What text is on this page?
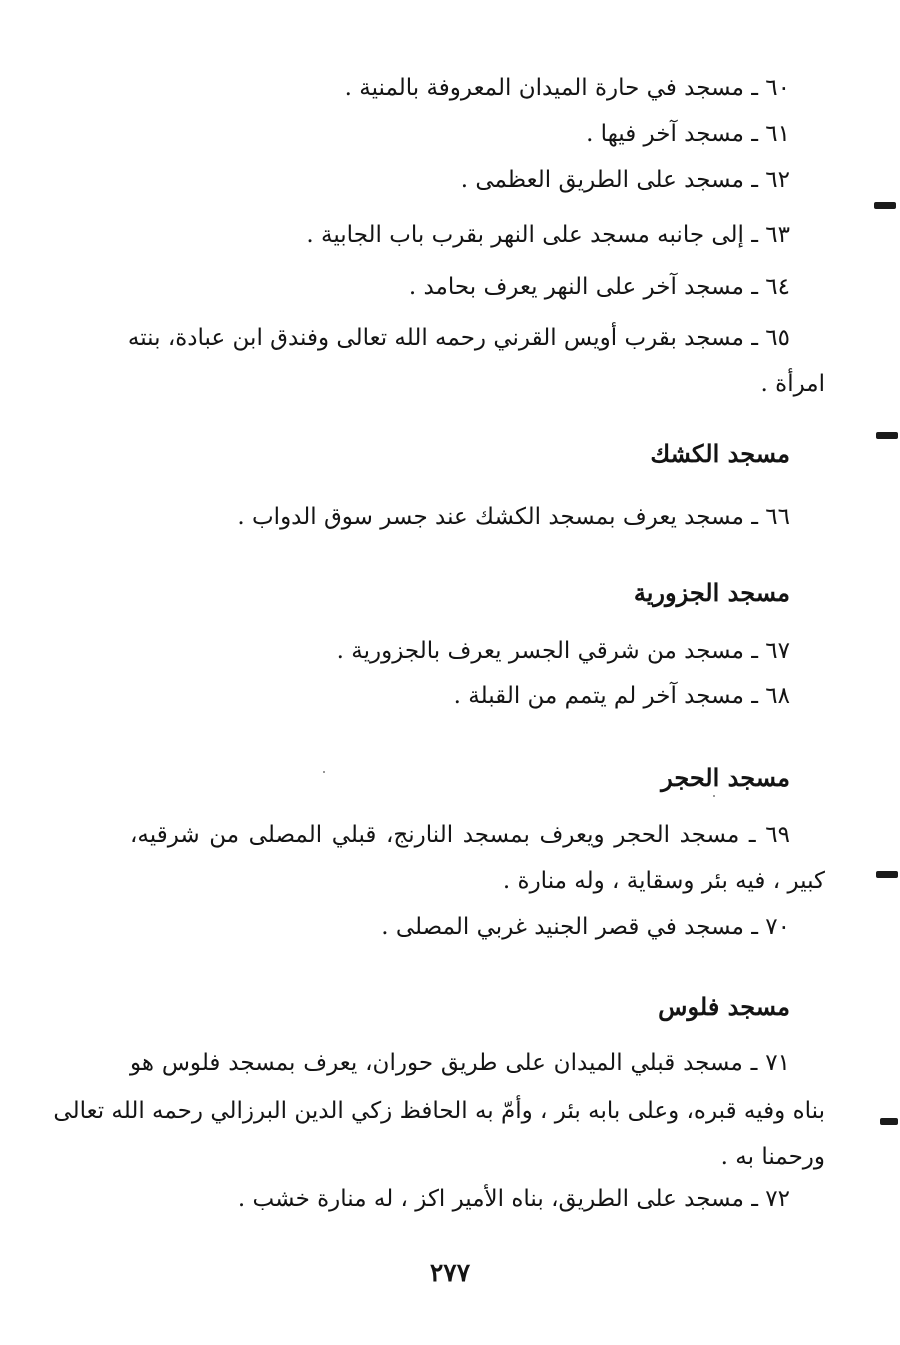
٦٠ ـ مسجد في حارة الميدان المعروفة بالمنية .
٦١ ـ مسجد آخر فيها .
٦٢ ـ مسجد على الطريق العظمى .
٦٣ ـ إلى جانبه مسجد على النهر بقرب باب الجابية .
٦٤ ـ مسجد آخر على النهر يعرف بحامد .
٦٥ ـ مسجد بقرب أويس القرني رحمه الله تعالى وفندق ابن عبادة، بنته
امرأة .
مسجد الكشك
٦٦ ـ مسجد يعرف بمسجد الكشك عند جسر سوق الدواب .
مسجد الجزورية
٦٧ ـ مسجد من شرقي الجسر يعرف بالجزورية .
٦٨ ـ مسجد آخر لم يتمم من القبلة .
مسجد الحجر
٦٩ ـ مسجد الحجر ويعرف بمسجد النارنج، قبلي المصلى من شرقيه،
كبير ، فيه بئر وسقاية ، وله منارة .
٧٠ ـ مسجد في قصر الجنيد غربي المصلى .
مسجد فلوس
٧١ ـ مسجد قبلي الميدان على طريق حوران، يعرف بمسجد فلوس هو
بناه وفيه قبره، وعلى بابه بئر ، وأمّ به الحافظ زكي الدين البرزالي رحمه الله تعالى
ورحمنا به .
٧٢ ـ مسجد على الطريق، بناه الأمير اكز ، له منارة خشب .
٢٧٧
